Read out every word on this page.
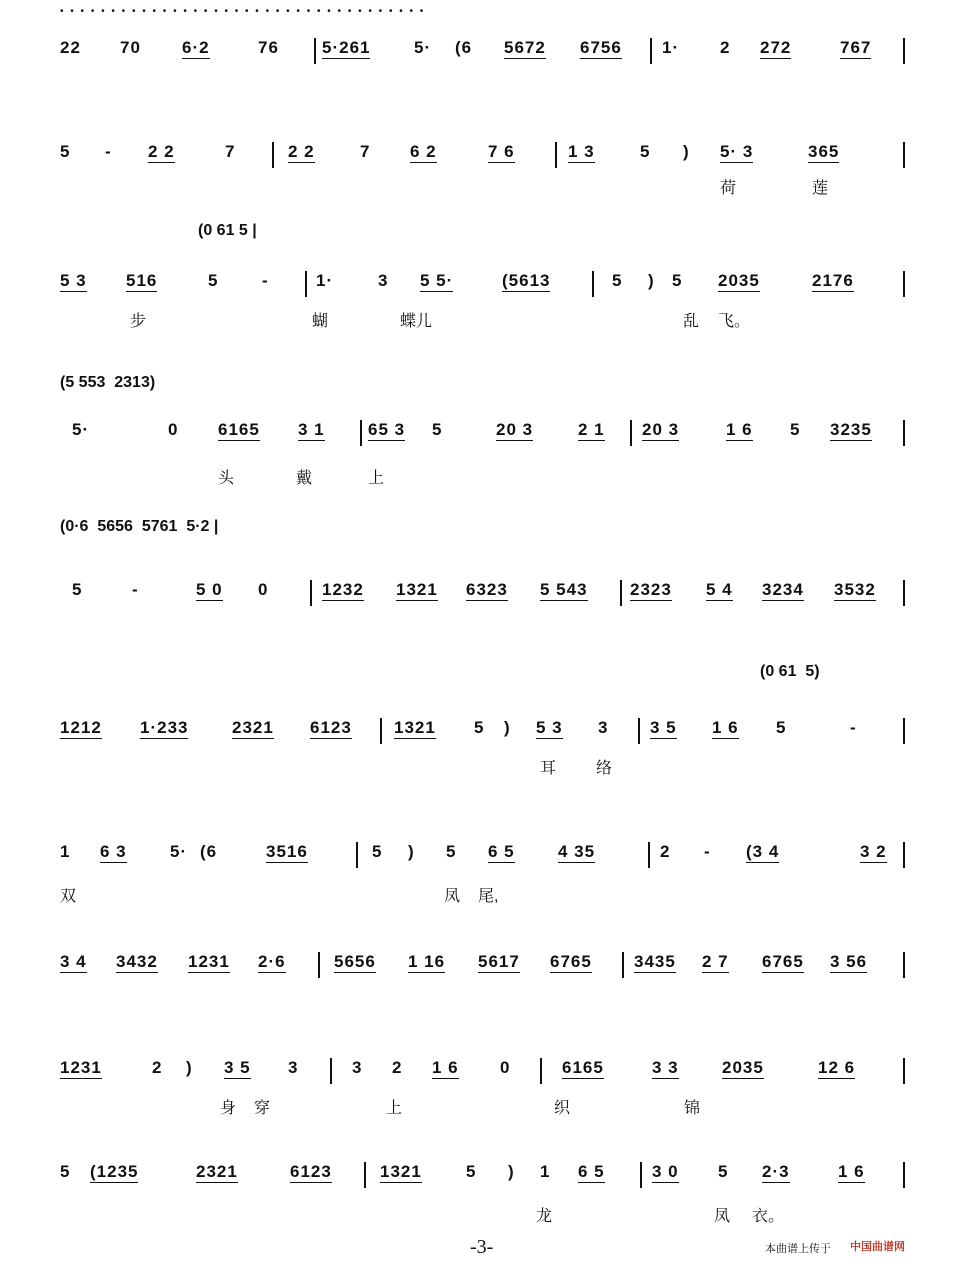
• • • • • • • • • • • • • • • • • • • • • • • • • • • • • • • • • • • •
22 70 6·2	76	5·261	5· (6 5672 6756 1· 2 272	767
5 - 2 2	7	2 2	7 6 2	7 6	1 3	5 ) 5· 3	365
荷	莲
(0 61 5 |
5 3 516	5	-	1·	3 5 5·	(5613	5 ) 5 2035	2176
步	蝴	蝶儿	乱 飞。
(5 553  2313)
5·	0 6165 3 1	65 3 5	20 3	2 1 20 3	1 6 5 3235
头	戴	上
(0·6  5656  5761  5·2 |
5	-	5 0 0	1232 1321 6323 5 543 2323 5 4 3234 3532
(0 61  5)
1212 1·233	2321 6123 1321 5 ) 5 3 3 3 5 1 6 5	-
耳 络
1 6 3	5· (6	3516	5 ) 5 6 5	4 35	2 - (3 4	3 2
双	凤 尾,
3 4 3432 1231 2·6	5656 1 16 5617 6765 3435 2 7 6765 3 56
1231	2 ) 3 5 3	3 2 1 6 0	6165	3 3	2035	12 6
身 穿	上	织	锦
5 (1235	2321	6123	1321	5 ) 1 6 5	3 0 5 2·3	1 6
龙	凤 衣。
-3-	本曲谱上传于 中国曲谱网
